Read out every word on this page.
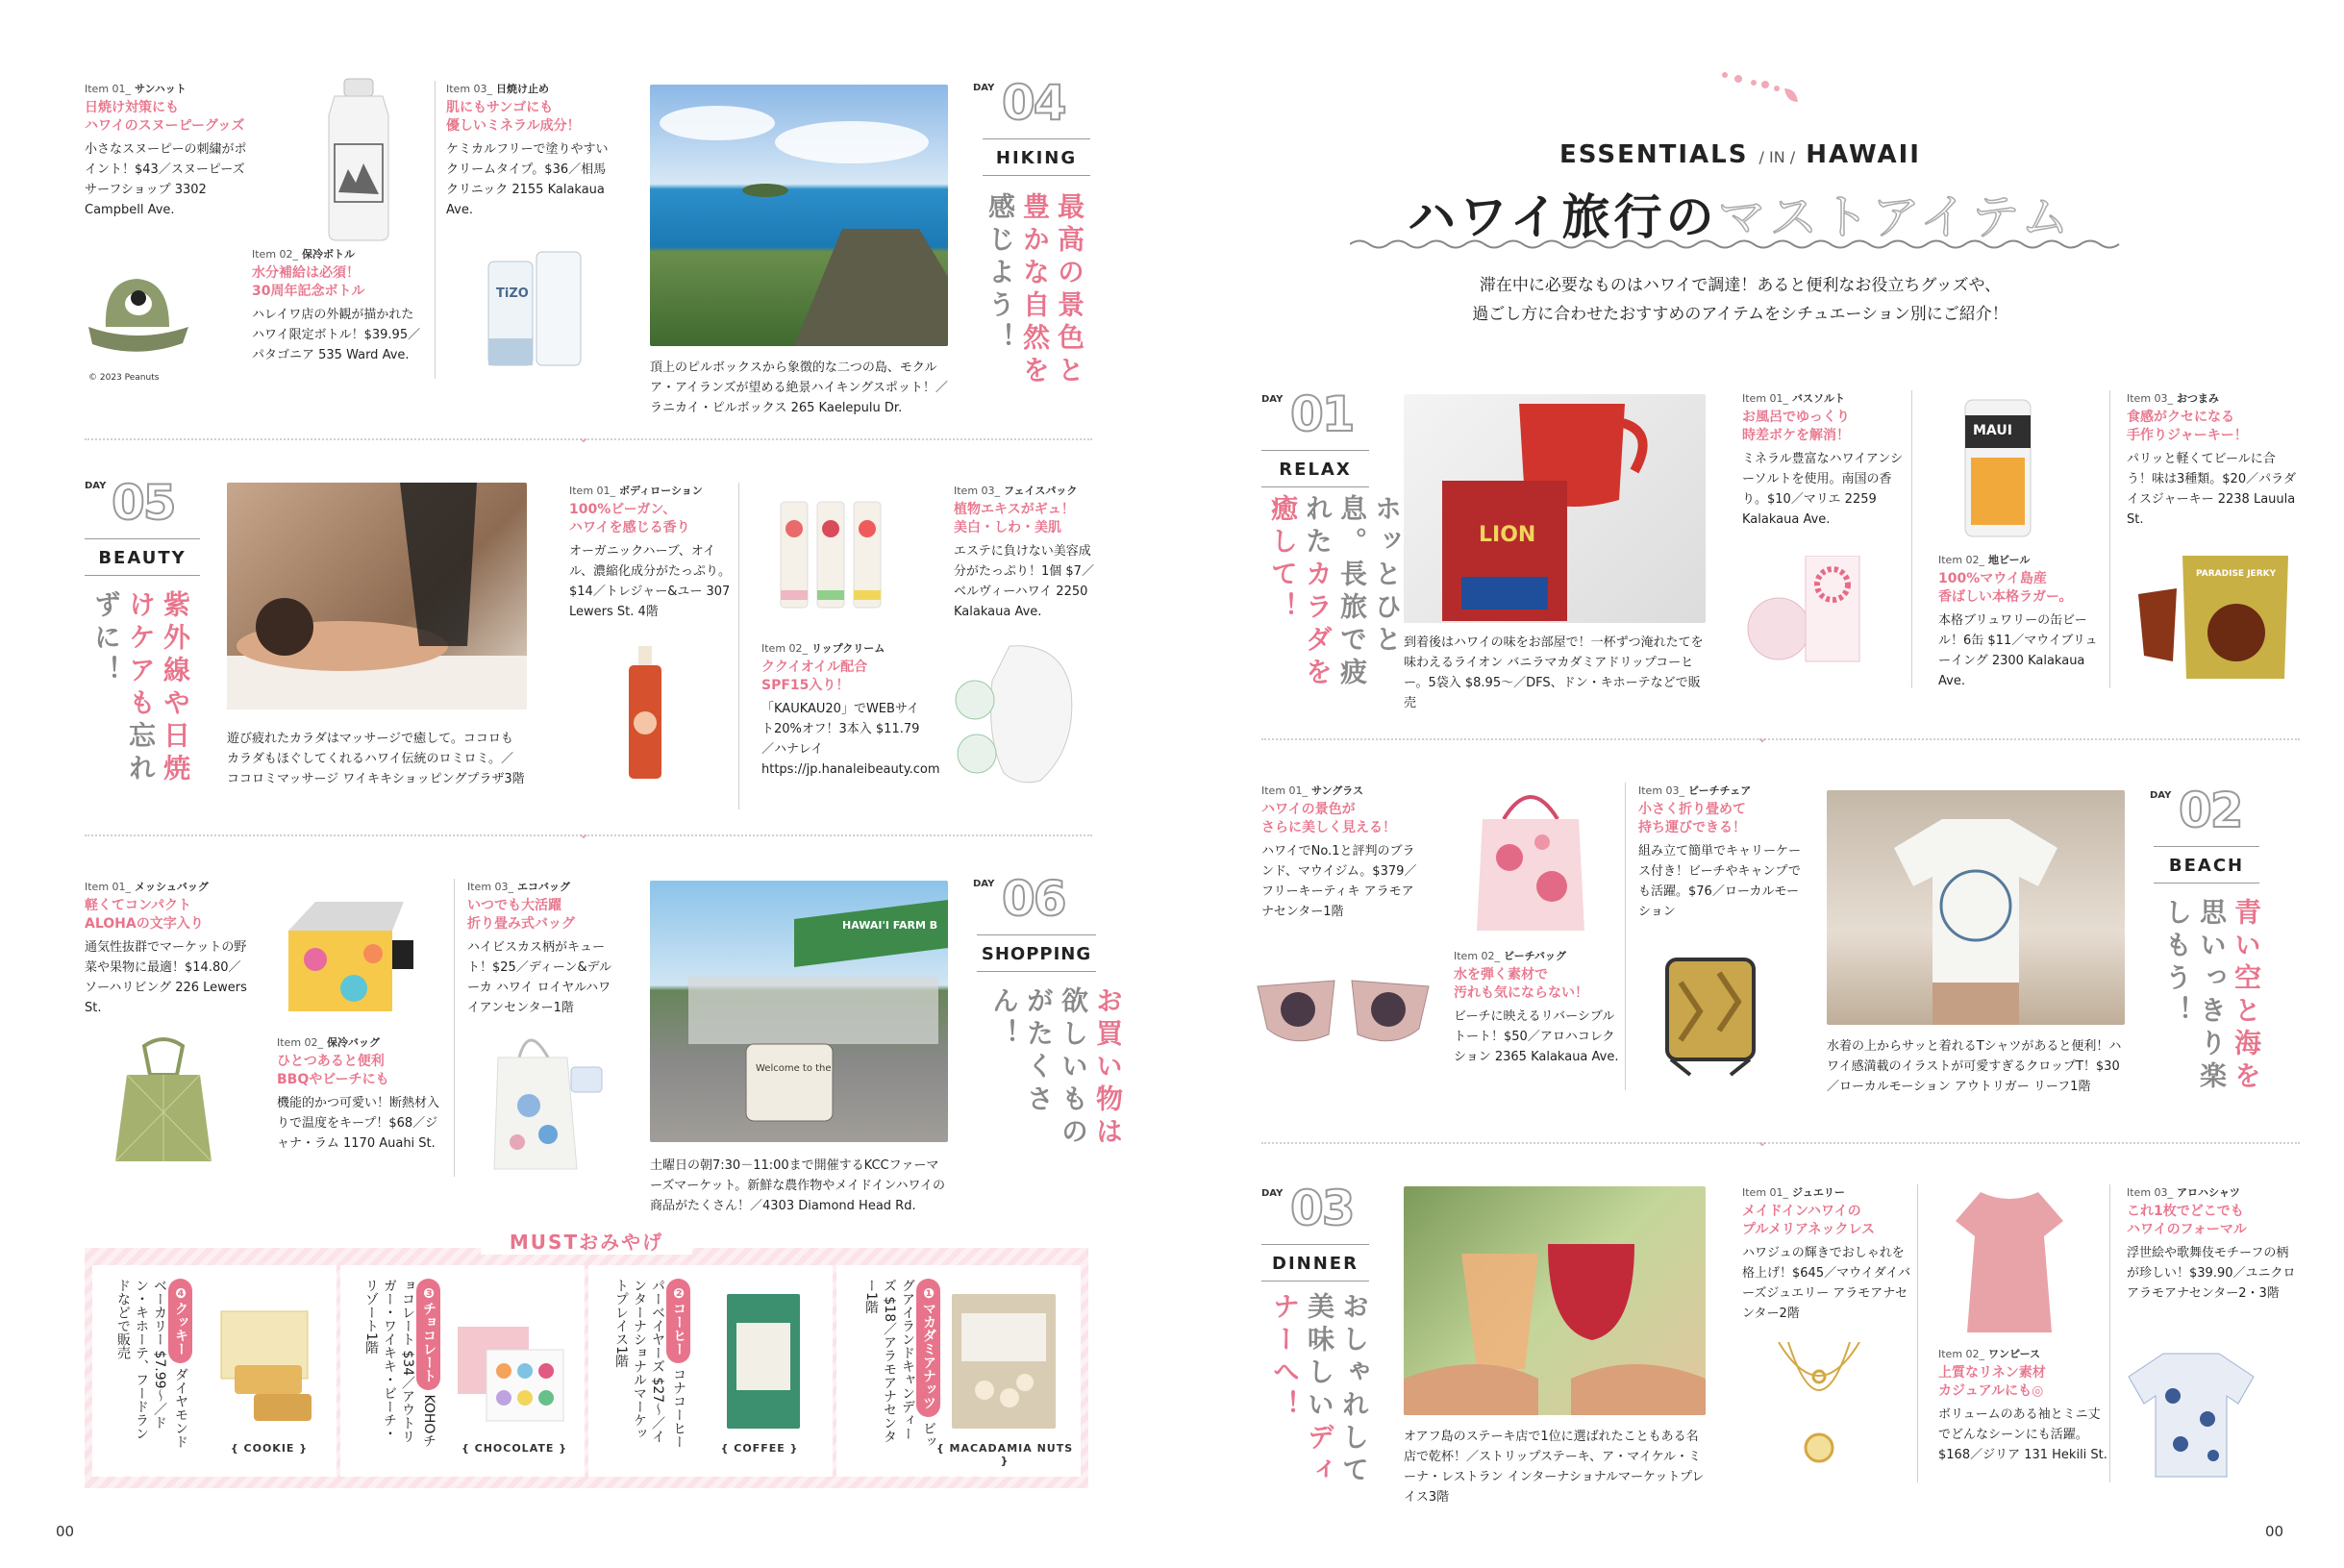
Item 01_ サンハット
日焼け対策にも
ハワイのスヌーピーグッズ
小さなスヌーピーの刺繍がポイント！$43／スヌーピーズサーフショップ 3302 Campbell Ave.
© 2023 Peanuts
Item 02_ 保冷ボトル
水分補給は必須！
30周年記念ボトル
ハレイワ店の外観が描かれたハワイ限定ボトル！$39.95／パタゴニア 535 Ward Ave.
Item 03_ 日焼け止め
肌にもサンゴにも
優しいミネラル成分！
ケミカルフリーで塗りやすいクリームタイプ。$36／相馬クリニック 2155 Kalakaua Ave.
TiZO
頂上のピルボックスから象徴的な二つの島、モクルア・アイランズが望める絶景ハイキングスポット！／ラニカイ・ピルボックス 265 Kaelepulu Dr.
DAY 04
HIKING
最高の景色と豊かな自然を感じよう！
⌄
DAY 05
BEAUTY
紫外線や日焼けケアも忘れずに！
遊び疲れたカラダはマッサージで癒して。ココロもカラダもほぐしてくれるハワイ伝統のロミロミ。／ココロミマッサージ ワイキキショッピングプラザ3階
Item 01_ ボディローション
100%ビーガン、
ハワイを感じる香り
オーガニックハーブ、オイル、濃縮化成分がたっぷり。$14／トレジャー&ユー 307 Lewers St. 4階
Item 02_ リップクリーム
ククイオイル配合
SPF15入り！
「KAUKAU20」でWEBサイト20%オフ！3本入 $11.79／ハナレイ https://jp.hanaleibeauty.com
Item 03_ フェイスパック
植物エキスがギュ！
美白・しわ・美肌
エステに負けない美容成分がたっぷり！1個 $7／ベルヴィーハワイ 2250 Kalakaua Ave.
⌄
Item 01_ メッシュバッグ
軽くてコンパクト
ALOHAの文字入り
通気性抜群でマーケットの野菜や果物に最適！$14.80／ソーハリビング 226 Lewers St.
Item 02_ 保冷バッグ
ひとつあると便利
BBQやビーチにも
機能的かつ可愛い！断熱材入りで温度をキープ！$68／ジャナ・ラム 1170 Auahi St.
Item 03_ エコバッグ
いつでも大活躍
折り畳み式バッグ
ハイビスカス柄がキュート！$25／ディーン&デルーカ ハワイ ロイヤルハワイアンセンター1階
HAWAI'I FARM B
Welcome to the
土曜日の朝7:30－11:00まで開催するKCCファーマーズマーケット。新鮮な農作物やメイドインハワイの商品がたくさん！／4303 Diamond Head Rd.
DAY 06
SHOPPING
お買い物は欲しいものがたくさん！
MUSTおみやげ
❶マカダミアナッツ ビッグアイランドキャンディーズ $18／アラモアナセンター1階
{ MACADAMIA NUTS }
❷コーヒー コナコーヒーパーベイヤーズ $27～／インターナショナルマーケットプレイス1階
{ COFFEE }
❸チョコレート KOHOチョコレート $34／アウトリガー・ワイキキ・ビーチ・リゾート1階
{ CHOCOLATE }
❹クッキー ダイヤモンドベーカリー $7.99～／ドン・キホーテ、フードランドなどで販売
{ COOKIE }
00
ESSENTIALS / IN / HAWAII
ハワイ旅行のマストアイテム
滞在中に必要なものはハワイで調達！あると便利なお役立ちグッズや、
過ごし方に合わせたおすすめのアイテムをシチュエーション別にご紹介！
DAY 01
RELAX
ホッとひと息。長旅で疲れたカラダを癒して！	LION
到着後はハワイの味をお部屋で！一杯ずつ淹れたてを味わえるライオン バニラマカダミアドリップコーヒー。5袋入 $8.95～／DFS、ドン・キホーテなどで販売
Item 01_ バスソルト
お風呂でゆっくり
時差ボケを解消！
ミネラル豊富なハワイアンシーソルトを使用。南国の香り。$10／マリエ 2259 Kalakaua Ave.
MAUI
Item 02_ 地ビール
100%マウイ島産
香ばしい本格ラガー。
本格ブリュワリーの缶ビール！6缶 $11／マウイブリューイング 2300 Kalakaua Ave.
Item 03_ おつまみ
食感がクセになる
手作りジャーキー！
パリッと軽くてビールに合う！味は3種類。$20／パラダイスジャーキー 2238 Lauula St.
PARADISE JERKY
⌄
Item 01_ サングラス
ハワイの景色が
さらに美しく見える！
ハワイでNo.1と評判のブランド、マウイジム。$379／フリーキーティキ アラモアナセンター1階
Item 02_ ビーチバッグ
水を弾く素材で
汚れも気にならない！
ビーチに映えるリバーシブルトート！$50／アロハコレクション 2365 Kalakaua Ave.
Item 03_ ビーチチェア
小さく折り畳めて
持ち運びできる！
組み立て簡単でキャリーケース付き！ビーチやキャンプでも活躍。$76／ローカルモーション
水着の上からサッと着れるTシャツがあると便利！ハワイ感満載のイラストが可愛すぎるクロップT！$30／ローカルモーション アウトリガー リーフ1階
DAY 02
BEACH
青い空と海を思いっきり楽しもう！
⌄
DAY 03
DINNER
おしゃれして美味しいディナーへ！
オアフ島のステーキ店で1位に選ばれたこともある名店で乾杯！／ストリップステーキ、ア・マイケル・ミーナ・レストラン インターナショナルマーケットプレイス3階
Item 01_ ジュエリー
メイドインハワイの
プルメリアネックレス
ハワジュの輝きでおしゃれを格上げ！$645／マウイダイバーズジュエリー アラモアナセンター2階
Item 02_ ワンピース
上質なリネン素材
カジュアルにも◎
ボリュームのある袖とミニ丈でどんなシーンにも活躍。$168／ジリア 131 Hekili St.
Item 03_ アロハシャツ
これ1枚でどこでも
ハワイのフォーマル
浮世絵や歌舞伎モチーフの柄が珍しい！$39.90／ユニクロ アラモアナセンター2・3階
00
